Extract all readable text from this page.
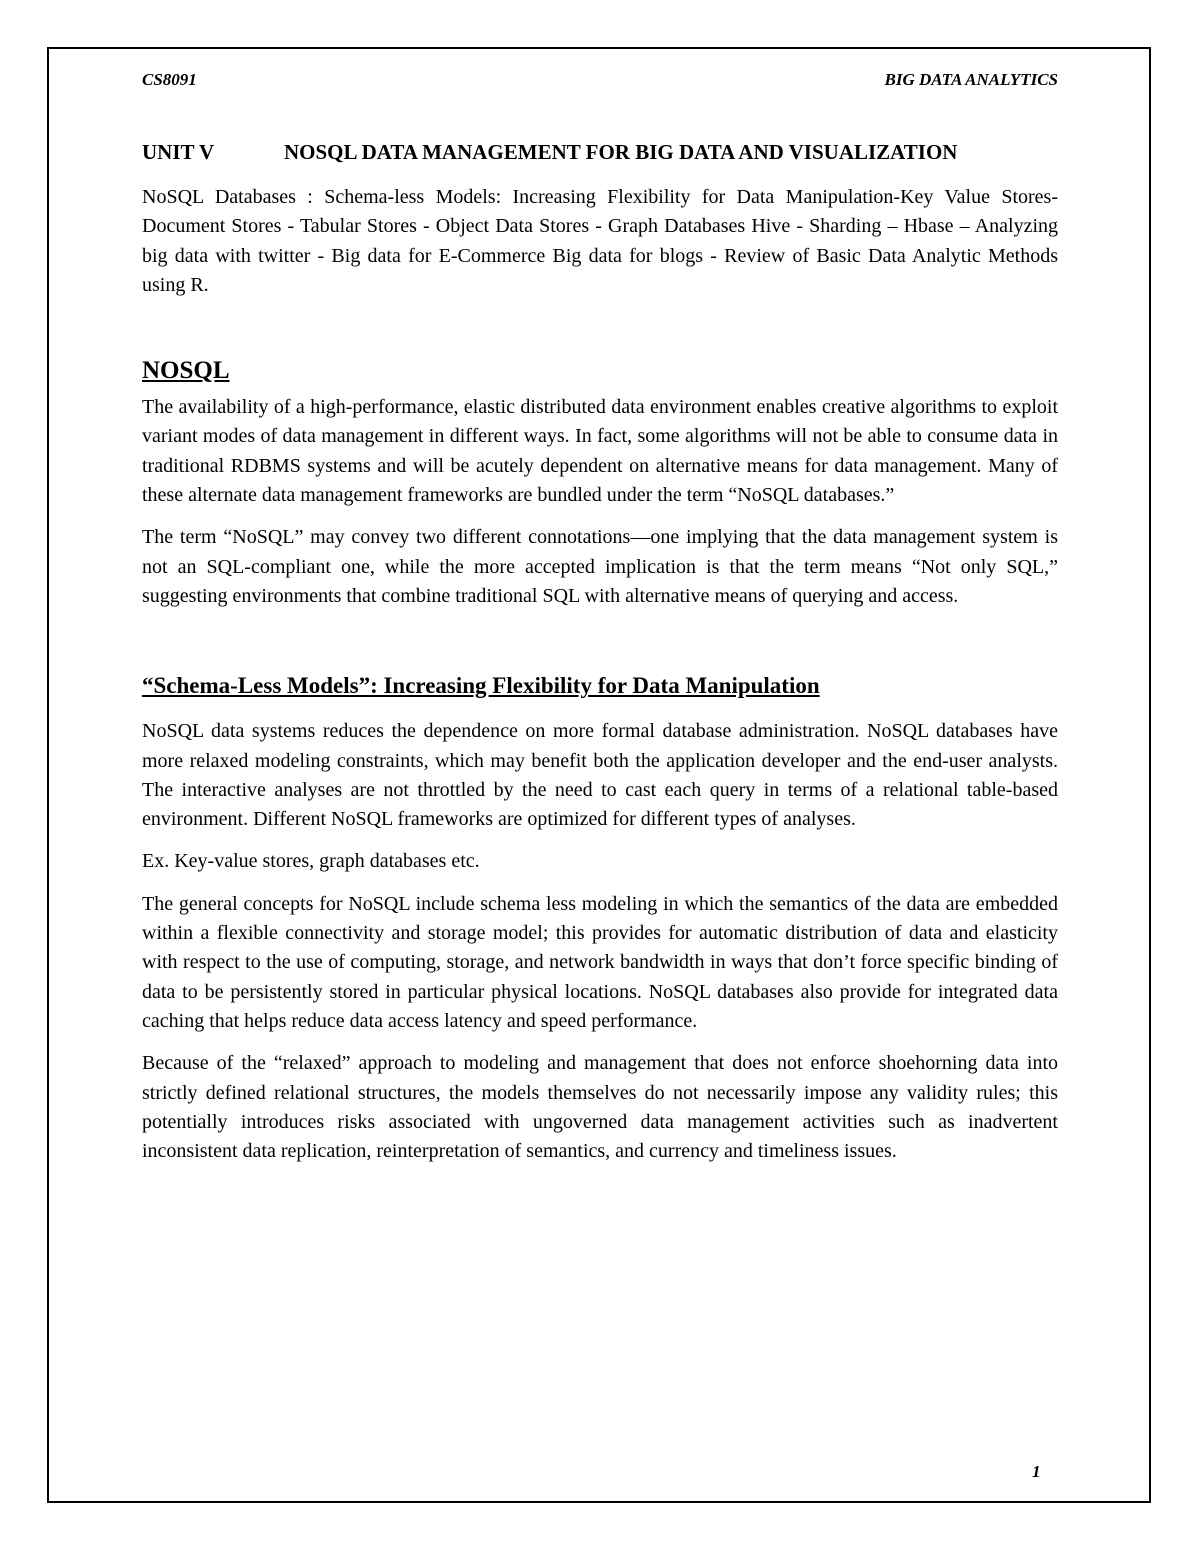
CS8091	BIG DATA ANALYTICS
UNIT V	NOSQL DATA MANAGEMENT FOR BIG DATA AND VISUALIZATION

NoSQL Databases : Schema-less Models: Increasing Flexibility for Data Manipulation-Key Value Stores- Document Stores - Tabular Stores - Object Data Stores - Graph Databases Hive - Sharding – Hbase – Analyzing big data with twitter - Big data for E-Commerce Big data for blogs - Review of Basic Data Analytic Methods using R.

NOSQL

The availability of a high-performance, elastic distributed data environment enables creative algorithms to exploit variant modes of data management in different ways. In fact, some algorithms will not be able to consume data in traditional RDBMS systems and will be acutely dependent on alternative means for data management. Many of these alternate data management frameworks are bundled under the term “NoSQL databases.”

The term “NoSQL” may convey two different connotations—one implying that the data management system is not an SQL-compliant one, while the more accepted implication is that the term means “Not only SQL,” suggesting environments that combine traditional SQL with alternative means of querying and access.

“Schema-Less Models”: Increasing Flexibility for Data Manipulation

NoSQL data systems reduces the dependence on more formal database administration. NoSQL databases have more relaxed modeling constraints, which may benefit both the application developer and the end-user analysts. The interactive analyses are not throttled by the need to cast each query in terms of a relational table-based environment. Different NoSQL frameworks are optimized for different types of analyses.

Ex. Key-value stores, graph databases etc.

The general concepts for NoSQL include schema less modeling in which the semantics of the data are embedded within a flexible connectivity and storage model; this provides for automatic distribution of data and elasticity with respect to the use of computing, storage, and network bandwidth in ways that don’t force specific binding of data to be persistently stored in particular physical locations. NoSQL databases also provide for integrated data caching that helps reduce data access latency and speed performance.

Because of the “relaxed” approach to modeling and management that does not enforce shoehorning data into strictly defined relational structures, the models themselves do not necessarily impose any validity rules; this potentially introduces risks associated with ungoverned data management activities such as inadvertent inconsistent data replication, reinterpretation of semantics, and currency and timeliness issues.

1
